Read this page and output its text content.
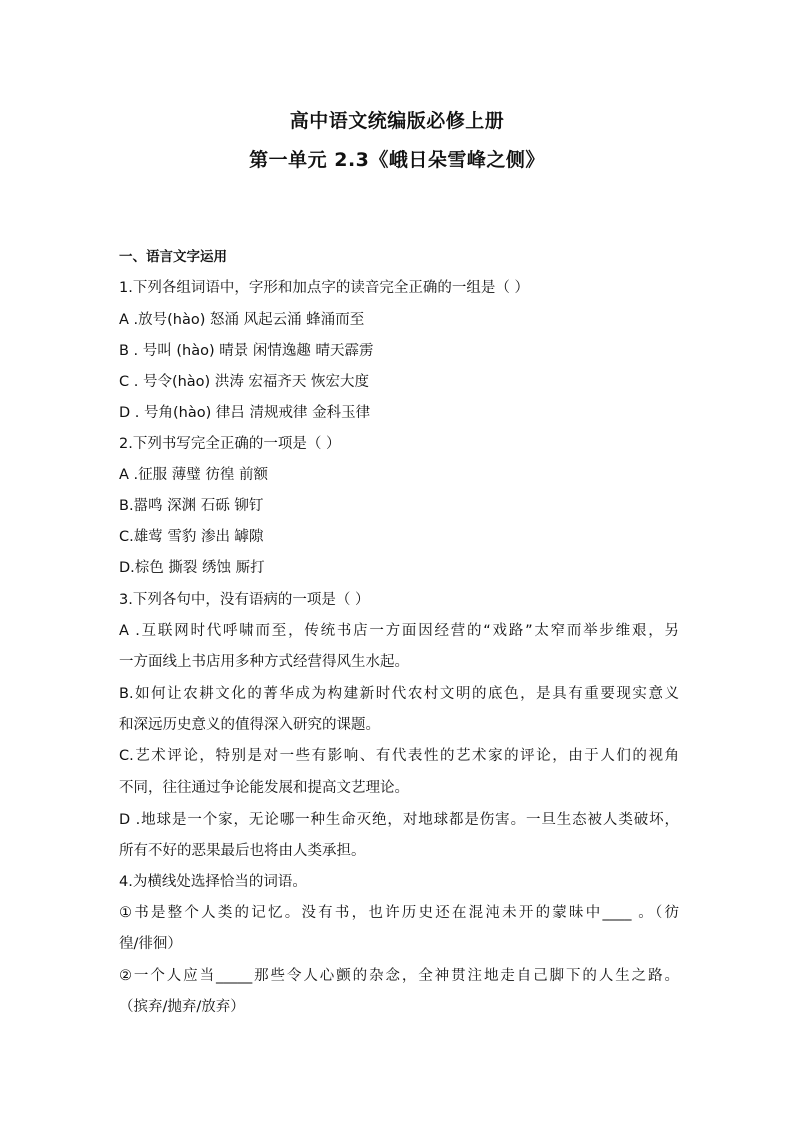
高中语文统编版必修上册
第一单元 2.3《峨日朵雪峰之侧》
一、语言文字运用
1.下列各组词语中，字形和加点字的读音完全正确的一组是（ ）
A .放号(hào) 怒涌 风起云涌 蜂涌而至
B . 号叫 (hào) 晴景 闲情逸趣 晴天霹雳
C . 号令(hào) 洪涛 宏福齐天 恢宏大度
D . 号角(hào) 律吕 清规戒律 金科玉律
2.下列书写完全正确的一项是（ ）
A .征服 薄璧 彷徨 前额
B.嚣鸣 深渊 石砾 铆钉
C.雄莺 雪豹 渗出 罅隙
D.棕色 撕裂 绣蚀 厮打
3.下列各句中，没有语病的一项是（ ）
A .互联网时代呼啸而至，传统书店一方面因经营的“戏路”太窄而举步维艰，另
一方面线上书店用多种方式经营得风生水起。
B.如何让农耕文化的菁华成为构建新时代农村文明的底色，是具有重要现实意义
和深远历史意义的值得深入研究的课题。
C.艺术评论，特别是对一些有影响、有代表性的艺术家的评论，由于人们的视角
不同，往往通过争论能发展和提高文艺理论。
D .地球是一个家，无论哪一种生命灭绝，对地球都是伤害。一旦生态被人类破坏，
所有不好的恶果最后也将由人类承担。
4.为横线处选择恰当的词语。
①书是整个人类的记忆。没有书，也许历史还在混沌未开的蒙昧中____ 。（彷
徨/徘徊）
②一个人应当_____那些令人心颤的杂念，全神贯注地走自己脚下的人生之路。
（摈弃/抛弃/放弃）
